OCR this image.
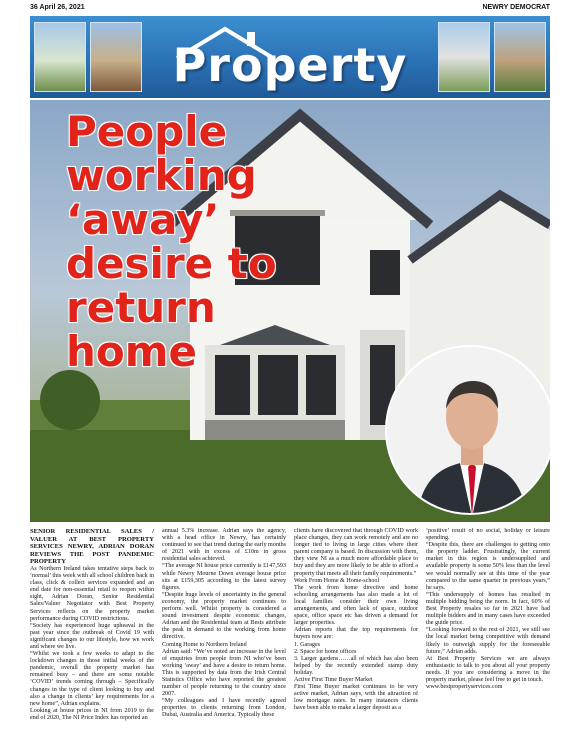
36 April 26, 2021	NEWRY DEMOCRAT
Property
People working ‘away’ desire to return home

SENIOR RESIDENTIAL SALES / VALUER AT BEST PROPERTY SERVICES NEWRY, ADRIAN DORAN REVIEWS THE POST PANDEMIC PROPERTY

As Northern Ireland takes tentative steps back to ‘normal’ this week with all school children back in class, click & collect services expanded and an end date for non-essential retail to reopen within sight, Adrian Doran, Senior Residential Sales/Valuer Negotiator with Best Property Services reflects on the property market performance during COVID restrictions.

“Society has experienced huge upheaval in the past year since the outbreak of Covid 19 with significant changes to our lifestyle, how we work and where we live.

“Whilst we took a few weeks to adapt to the lockdown changes in those initial weeks of the pandemic, overall the property market has remained busy – and there are some notable ‘COVID’ trends coming through – Specifically changes in the type of client looking to buy and also a change in clients’ key requirements for a new home”, Adrian explains.

Looking at house prices in NI from 2019 to the end of 2020, The NI Price Index has reported an

annual 5.3% increase. Adrian says the agency, with a head office in Newry, has certainly continued to see that trend during the early months of 2021 with in excess of £10m in gross residential sales achieved.

“The average NI house price currently is £147,593 while Newry Mourne Down average house price sits at £159,305 according to the latest survey figures.

“Despite huge levels of uncertainty in the general economy, the property market continues to perform well. Whilst property is considered a sound investment despite economic changes, Adrian and the Residential team at Bests attribute the peak in demand to the working from home directive.

Coming Home to Northern Ireland

Adrian said: “We’ve noted an increase in the level of enquiries from people from NI who’ve been working ‘away’ and have a desire to return home. This is supported by data from the Irish Central Statistics Office who have reported the greatest number of people returning to the country since 2007.

“My colleagues and I have recently agreed properties to clients returning from London, Dubai, Australia and America. Typically these

clients have discovered that through COVID work place changes, they can work remotely and are no longer tied to living in large cities where their parent company is based. In discussion with them, they view NI as a much more affordable place to buy and they are more likely to be able to afford a property that meets all their family requirements.”

Work From Home & Home-school

The work from home directive and home schooling arrangements has also made a lot of local families consider their own living arrangements, and often lack of space, outdoor space, office space etc has driven a demand for larger properties.

Adrian reports that the top requirements for buyers now are:

1. Garages

2. Space for home offices

3. Larger gardens……all of which has also been helped by the recently extended stamp duty holiday.

Active First Time Buyer Market

First Time Buyer market continues to be very active market, Adrian says, with the attraction of low mortgage rates. In many instances clients have been able to make a larger deposit as a

‘positive’ result of no social, holiday or leisure spending.

“Despite this, there are challenges to getting onto the property ladder. Frustratingly, the current market in this region is undersupplied and available property is some 50% less than the level we would normally see at this time of the year compared to the same quarter in previous years,” he says.

“This undersupply of homes has resulted in multiple bidding being the norm. In fact, 60% of Best Property resales so far in 2021 have had multiple bidders and in many cases have exceeded the guide price.

“Looking forward to the rest of 2021, we still see the local market being competitive with demand likely to outweigh supply for the foreseeable future,” Adrian adds.

At Best Property Services we are always enthusiastic to talk to you about all your property needs. If you are considering a move in the property market, please feel free to get in touch.

www.bestpropertyservices.com
